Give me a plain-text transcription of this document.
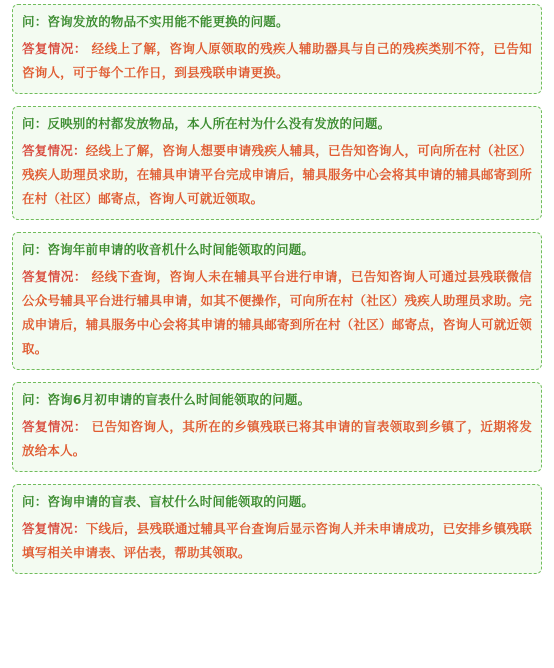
问：咨询发放的物品不实用能不能更换的问题。

答复情况： 经线上了解，咨询人原领取的残疾人辅助器具与自己的残疾类别不符，已告知咨询人，可于每个工作日，到县残联申请更换。

问：反映别的村都发放物品，本人所在村为什么没有发放的问题。

答复情况：经线上了解，咨询人想要申请残疾人辅具，已告知咨询人，可向所在村（社区）残疾人助理员求助，在辅具申请平台完成申请后，辅具服务中心会将其申请的辅具邮寄到所在村（社区）邮寄点，咨询人可就近领取。

问：咨询年前申请的收音机什么时间能领取的问题。

答复情况： 经线下查询，咨询人未在辅具平台进行申请，已告知咨询人可通过县残联微信公众号辅具平台进行辅具申请，如其不便操作，可向所在村（社区）残疾人助理员求助。完成申请后，辅具服务中心会将其申请的辅具邮寄到所在村（社区）邮寄点，咨询人可就近领取。

问：咨询6月初申请的盲表什么时间能领取的问题。

答复情况： 已告知咨询人，其所在的乡镇残联已将其申请的盲表领取到乡镇了，近期将发放给本人。

问：咨询申请的盲表、盲杖什么时间能领取的问题。

答复情况：下线后，县残联通过辅具平台查询后显示咨询人并未申请成功，已安排乡镇残联填写相关申请表、评估表，帮助其领取。
